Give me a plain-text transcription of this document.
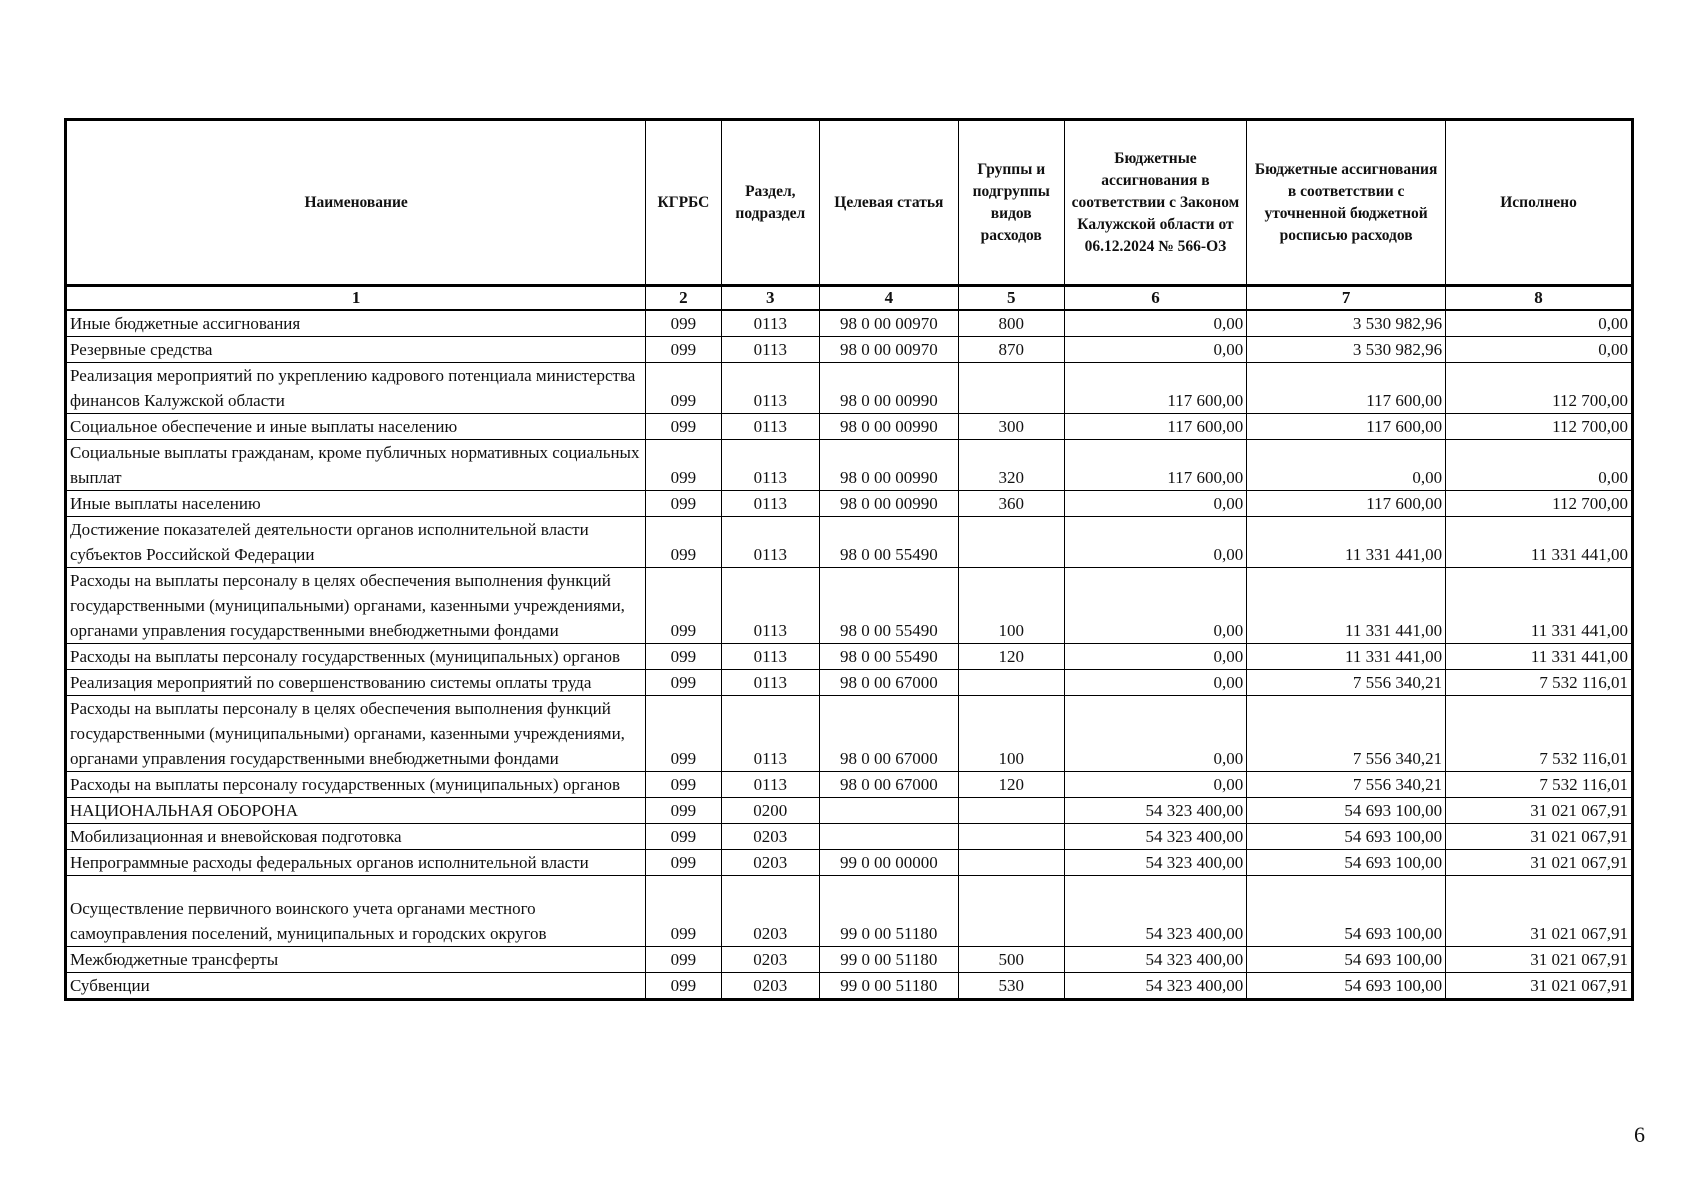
Наименование	КГРБС	Раздел, подраздел	Целевая статья	Группы и подгруппы видов расходов	Бюджетные ассигнования в соответствии с Законом Калужской области от 06.12.2024 № 566-ОЗ	Бюджетные ассигнования в соответствии с уточненной бюджетной росписью расходов	Исполнено
1	2	3	4	5	6	7	8
Иные бюджетные ассигнования	099	0113	98 0 00 00970	800	0,00	3 530 982,96	0,00
Резервные средства	099	0113	98 0 00 00970	870	0,00	3 530 982,96	0,00
Реализация мероприятий по укреплению кадрового потенциала министерства финансов Калужской области	099	0113	98 0 00 00990		117 600,00	117 600,00	112 700,00
Социальное обеспечение и иные выплаты населению	099	0113	98 0 00 00990	300	117 600,00	117 600,00	112 700,00
Социальные выплаты гражданам, кроме публичных нормативных социальных выплат	099	0113	98 0 00 00990	320	117 600,00	0,00	0,00
Иные выплаты населению	099	0113	98 0 00 00990	360	0,00	117 600,00	112 700,00
Достижение показателей деятельности органов исполнительной власти субъектов Российской Федерации	099	0113	98 0 00 55490		0,00	11 331 441,00	11 331 441,00
Расходы на выплаты персоналу в целях обеспечения выполнения функций государственными (муниципальными) органами, казенными учреждениями, органами управления государственными внебюджетными фондами	099	0113	98 0 00 55490	100	0,00	11 331 441,00	11 331 441,00
Расходы на выплаты персоналу государственных (муниципальных) органов	099	0113	98 0 00 55490	120	0,00	11 331 441,00	11 331 441,00
Реализация мероприятий по совершенствованию системы оплаты труда	099	0113	98 0 00 67000		0,00	7 556 340,21	7 532 116,01
Расходы на выплаты персоналу в целях обеспечения выполнения функций государственными (муниципальными) органами, казенными учреждениями, органами управления государственными внебюджетными фондами	099	0113	98 0 00 67000	100	0,00	7 556 340,21	7 532 116,01
Расходы на выплаты персоналу государственных (муниципальных) органов	099	0113	98 0 00 67000	120	0,00	7 556 340,21	7 532 116,01
НАЦИОНАЛЬНАЯ ОБОРОНА	099	0200			54 323 400,00	54 693 100,00	31 021 067,91
Мобилизационная и вневойсковая подготовка	099	0203			54 323 400,00	54 693 100,00	31 021 067,91
Непрограммные расходы федеральных органов исполнительной власти	099	0203	99 0 00 00000		54 323 400,00	54 693 100,00	31 021 067,91
Осуществление первичного воинского учета органами местного самоуправления поселений, муниципальных и городских округов	099	0203	99 0 00 51180		54 323 400,00	54 693 100,00	31 021 067,91
Межбюджетные трансферты	099	0203	99 0 00 51180	500	54 323 400,00	54 693 100,00	31 021 067,91
Субвенции	099	0203	99 0 00 51180	530	54 323 400,00	54 693 100,00	31 021 067,91
6
